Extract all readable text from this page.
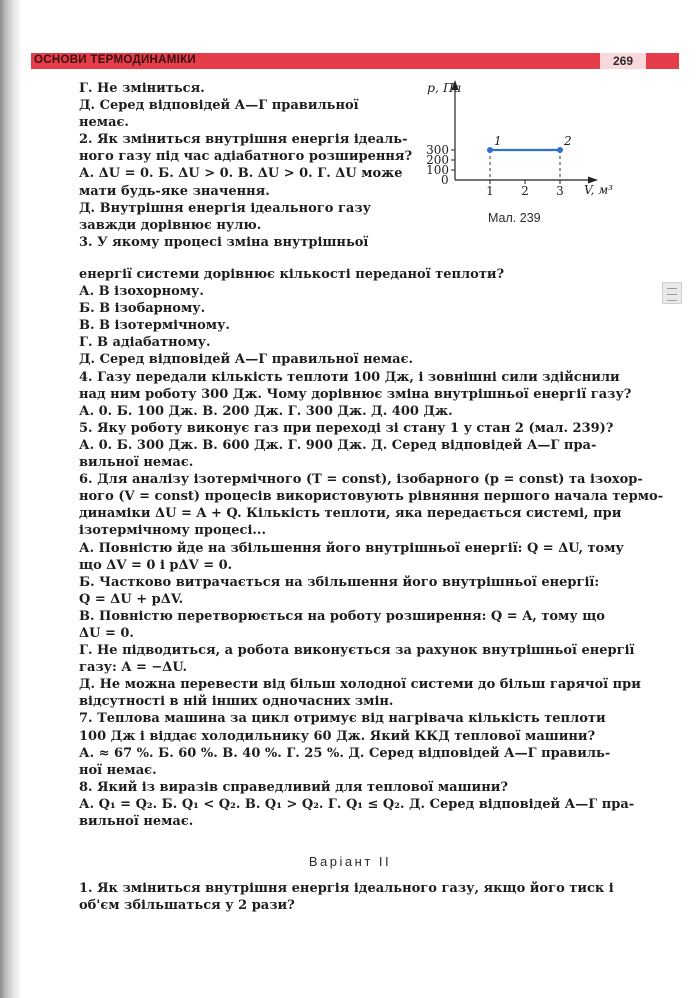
ОСНОВИ ТЕРМОДИНАМІКИ	269
Г. Не зміниться.
Д. Серед відповідей А—Г правильної
немає.
2. Як зміниться внутрішня енергія ідеаль-
ного газу під час адіабатного розширення?
А. ΔU = 0. Б. ΔU > 0. В. ΔU > 0. Г. ΔU може
мати будь-яке значення.
Д. Внутрішня енергія ідеального газу
завжди дорівнює нулю.
3. У якому процесі зміна внутрішньої
p, Па
V, м³
0
100
200
300
1 2 3
1	2
Мал. 239
енергії системи дорівнює кількості переданої теплоти?
А. В ізохорному.
Б. В ізобарному.
В. В ізотермічному.
Г. В адіабатному.
Д. Серед відповідей А—Г правильної немає.
4. Газу передали кількість теплоти 100 Дж, і зовнішні сили здійснили
над ним роботу 300 Дж. Чому дорівнює зміна внутрішньої енергії газу?
А. 0. Б. 100 Дж. В. 200 Дж. Г. 300 Дж. Д. 400 Дж.
5. Яку роботу виконує газ при переході зі стану 1 у стан 2 (мал. 239)?
А. 0. Б. 300 Дж. В. 600 Дж. Г. 900 Дж. Д. Серед відповідей А—Г пра-
вильної немає.
6. Для аналізу ізотермічного (T = const), ізобарного (p = const) та ізохор-
ного (V = const) процесів використовують рівняння першого начала термо-
динаміки ΔU = A + Q. Кількість теплоти, яка передається системі, при
ізотермічному процесі...
А. Повністю йде на збільшення його внутрішньої енергії: Q = ΔU, тому
що ΔV = 0 і pΔV = 0.
Б. Частково витрачається на збільшення його внутрішньої енергії:
Q = ΔU + pΔV.
В. Повністю перетворюється на роботу розширення: Q = A, тому що
ΔU = 0.
Г. Не підводиться, а робота виконується за рахунок внутрішньої енергії
газу: A = −ΔU.
Д. Не можна перевести від більш холодної системи до більш гарячої при
відсутності в ній інших одночасних змін.
7. Теплова машина за цикл отримує від нагрівача кількість теплоти
100 Дж і віддає холодильнику 60 Дж. Який ККД теплової машини?
А. ≈ 67 %. Б. 60 %. В. 40 %. Г. 25 %. Д. Серед відповідей А—Г правиль-
ної немає.
8. Який із виразів справедливий для теплової машини?
А. Q₁ = Q₂. Б. Q₁ < Q₂. В. Q₁ > Q₂. Г. Q₁ ≤ Q₂. Д. Серед відповідей А—Г пра-
вильної немає.
Варіант II
1. Як зміниться внутрішня енергія ідеального газу, якщо його тиск і
об'єм збільшаться у 2 рази?
